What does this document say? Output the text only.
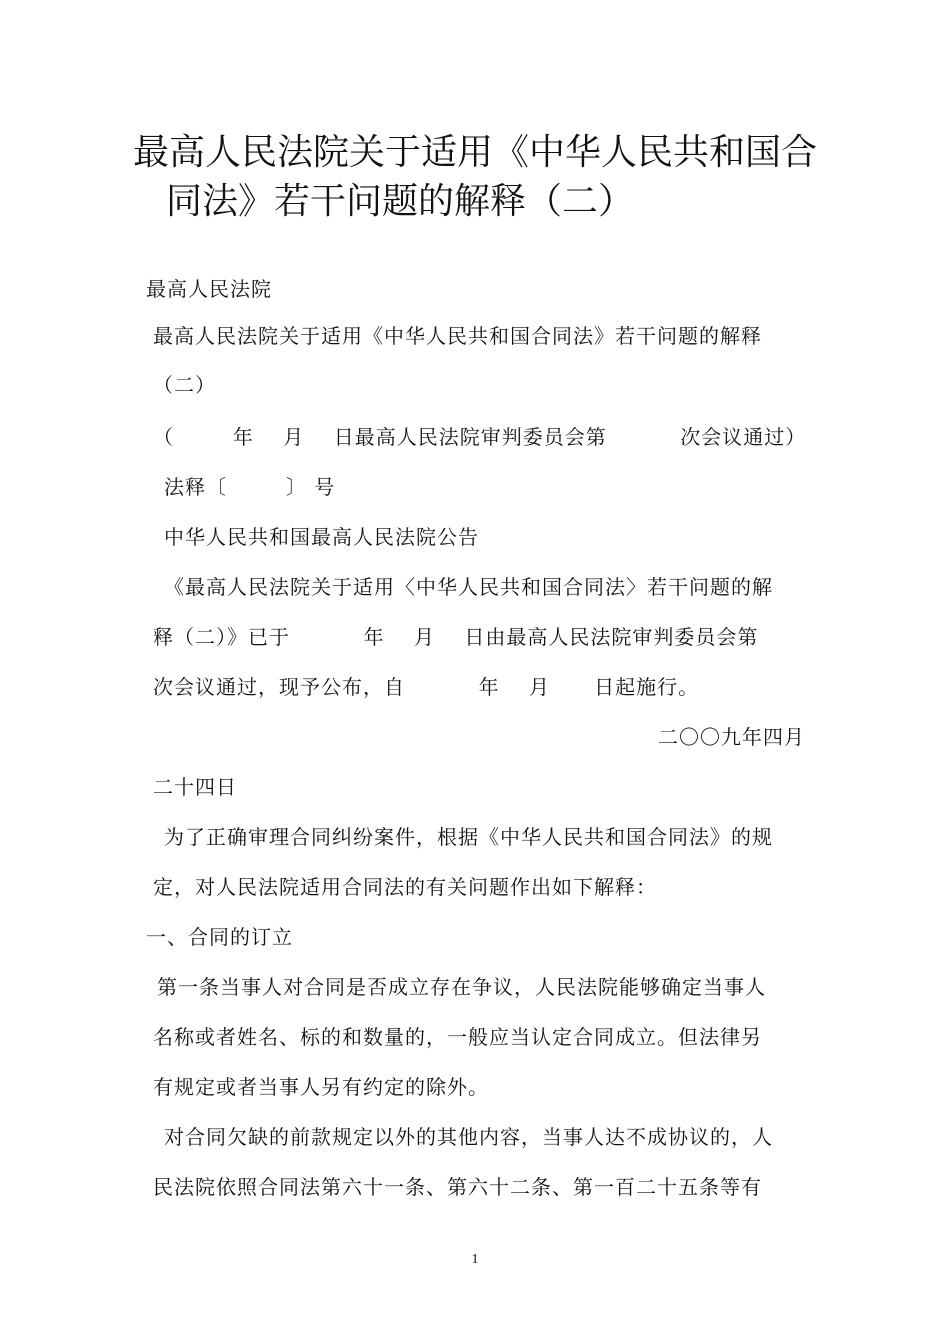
最高人民法院关于适用《中华人民共和国合
同法》若干问题的解释（二）
最高人民法院
最高人民法院关于适用《中华人民共和国合同法》若干问题的解释
（二）
（        年    月    日最高人民法院审判委员会第          次会议通过）
法释〔        〕 号
中华人民共和国最高人民法院公告
《最高人民法院关于适用〈中华人民共和国合同法〉若干问题的解
释（二）》已于          年    月    日由最高人民法院审判委员会第
次会议通过，现予公布，自          年    月      日起施行。
二〇〇九年四月
二十四日
为了正确审理合同纠纷案件，根据《中华人民共和国合同法》的规
定，对人民法院适用合同法的有关问题作出如下解释：
一、合同的订立
第一条当事人对合同是否成立存在争议，人民法院能够确定当事人
名称或者姓名、标的和数量的，一般应当认定合同成立。但法律另
有规定或者当事人另有约定的除外。
对合同欠缺的前款规定以外的其他内容，当事人达不成协议的，人
民法院依照合同法第六十一条、第六十二条、第一百二十五条等有
1
